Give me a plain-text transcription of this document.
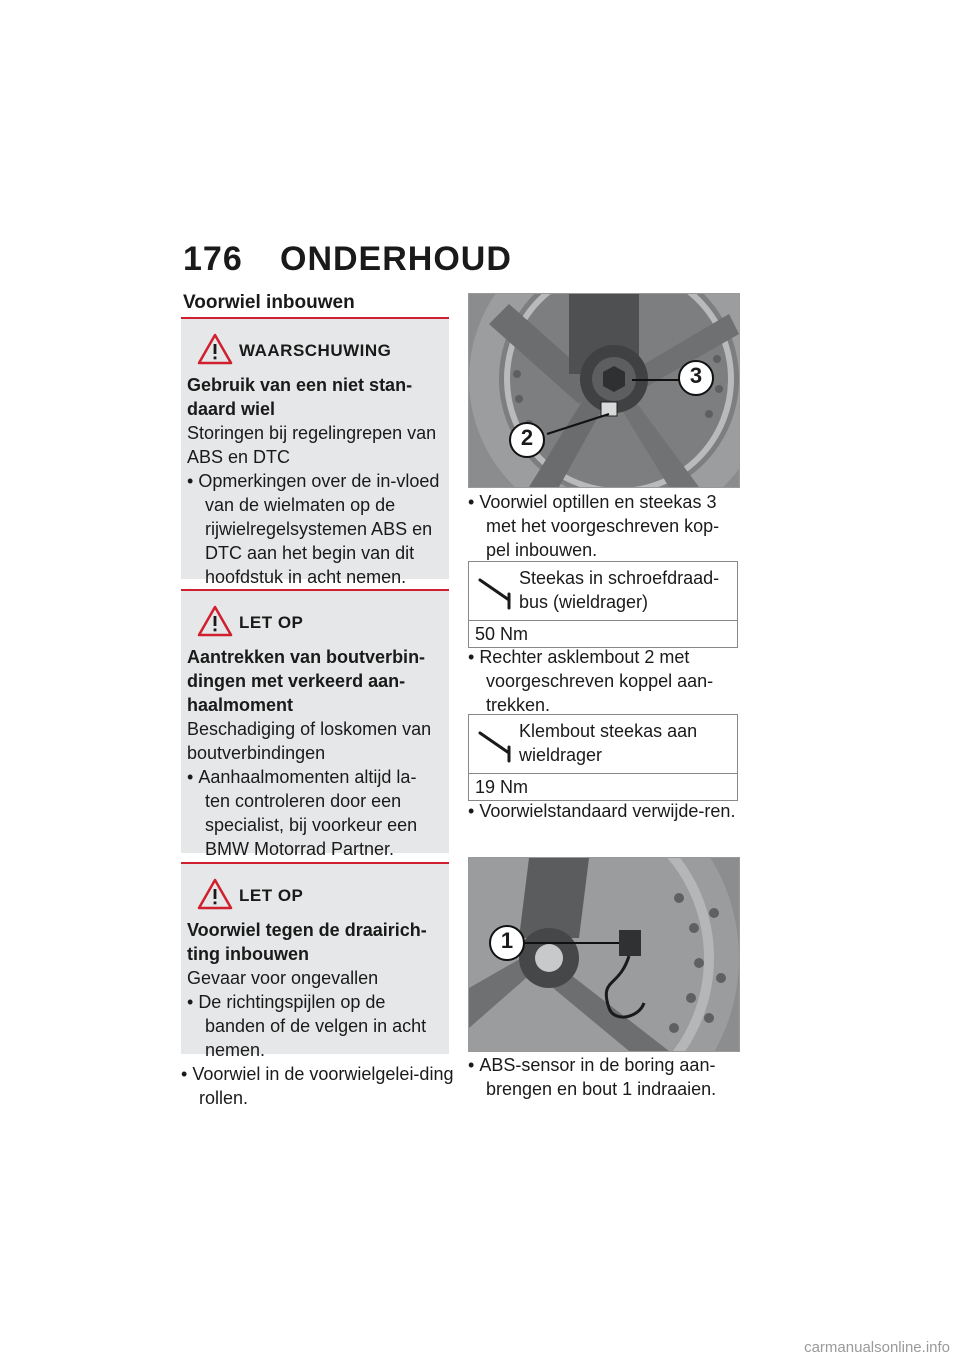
176 ONDERHOUD
Voorwiel inbouwen
WAARSCHUWING
Gebruik van een niet stan-daard wiel
Storingen bij regelingrepen van ABS en DTC
• Opmerkingen over de in-vloed van de wielmaten op de rijwielregelsystemen ABS en DTC aan het begin van dit hoofdstuk in acht nemen.
LET OP
Aantrekken van boutverbin-dingen met verkeerd aan-haalmoment
Beschadiging of loskomen van boutverbindingen
• Aanhaalmomenten altijd la-ten controleren door een specialist, bij voorkeur een BMW Motorrad Partner.
LET OP
Voorwiel tegen de draairich-ting inbouwen
Gevaar voor ongevallen
• De richtingspijlen op de banden of de velgen in acht nemen.
• Voorwiel in de voorwielgelei-ding rollen.
3
2
• Voorwiel optillen en steekas 3 met het voorgeschreven kop-pel inbouwen.
Steekas in schroefdraad-bus (wieldrager)
50 Nm
• Rechter asklembout 2 met voorgeschreven koppel aan-trekken.
Klembout steekas aan wieldrager
19 Nm
• Voorwielstandaard verwijde-ren.
1
• ABS-sensor in de boring aan-brengen en bout 1 indraaien.
carmanualsonline.info
